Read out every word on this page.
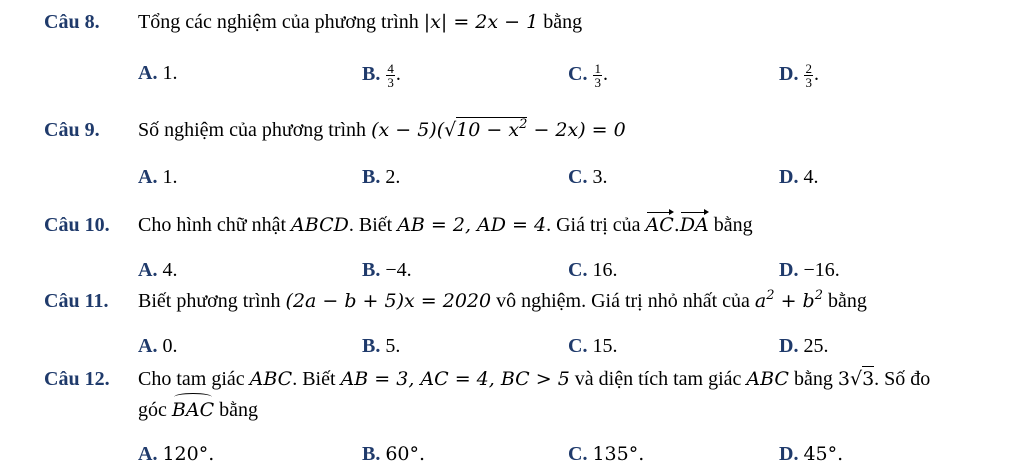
Câu 8. Tổng các nghiệm của phương trình |x| = 2x − 1 bằng
A. 1.	B. $\frac{4}{3}$ .	C. $\frac{1}{3}$ .	D. $\frac{2}{3}$ .
Câu 9. Số nghiệm của phương trình $(x - 5)(√10 - x^2 - 2x) = 0$
A. 1.	B. 2.	C. 3.	D. 4.
Câu 10. Cho hình chữ nhật ABCD. Biết AB = 2, AD = 4. Giá trị của AC.DA bằng
A. 4.	B. −4.	C. 16.	D. −16.
Câu 11. Biết phương trình (2a − b + 5)x = 2020 vô nghiệm. Giá trị nhỏ nhất của $a^2 + b^2$ bằng
A. 0.	B. 5.	C. 15.	D. 25.
Câu 12. Cho tam giác ABC. Biết AB = 3, AC = 4, BC > 5 và diện tích tam giác ABC bằng 3√3. Số đo
góc BAC bằng
A. 120°.	B. 60°.	C. 135°.	D. 45°.
